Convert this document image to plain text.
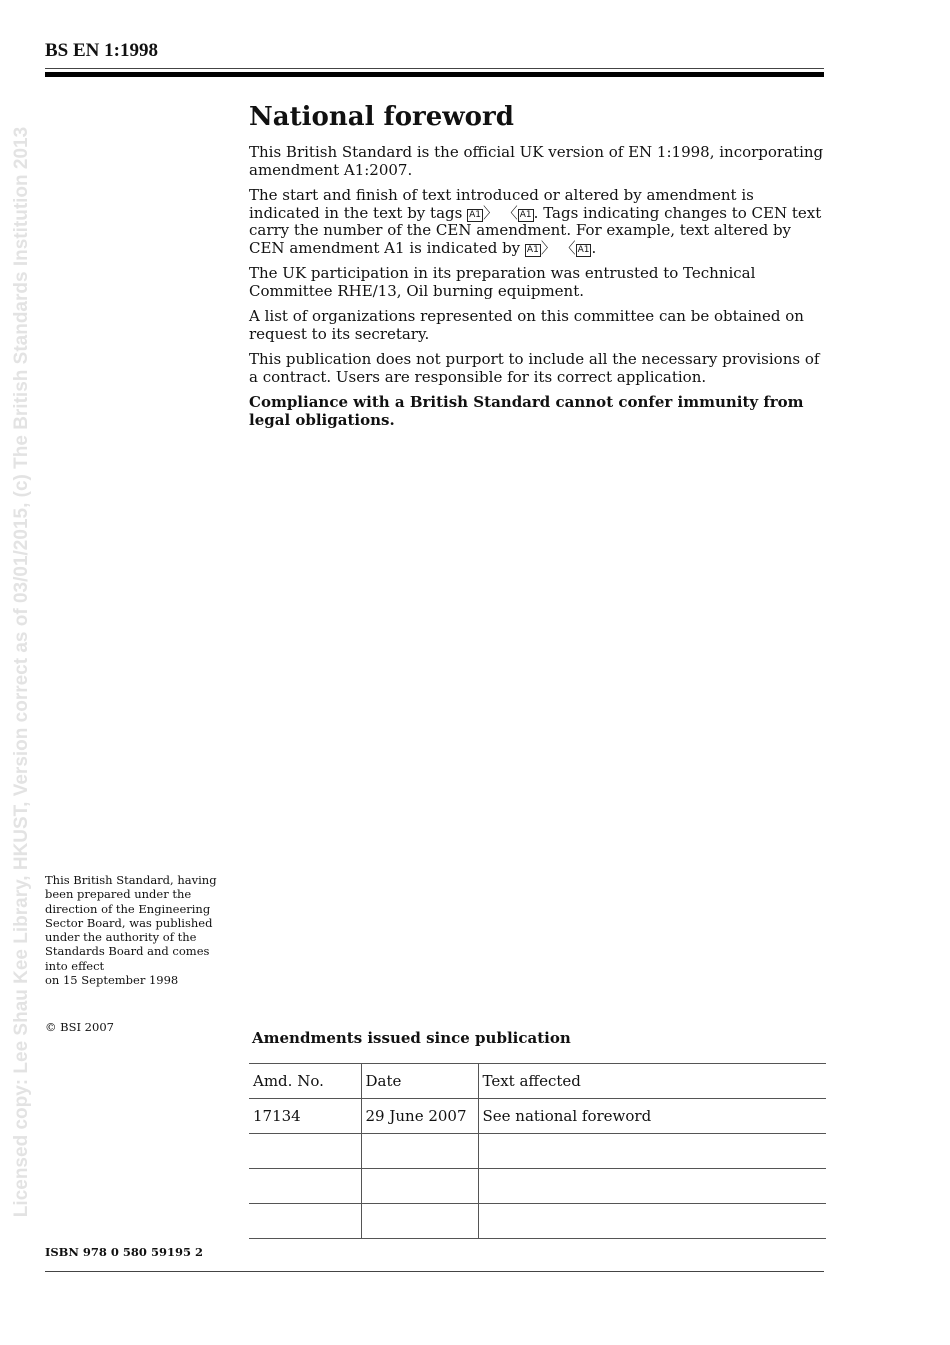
BS EN 1:1998
Licensed copy: Lee Shau Kee Library, HKUST, Version correct as of 03/01/2015, (c) The British Standards Institution 2013
National foreword

This British Standard is the official UK version of EN 1:1998, incorporating amendment A1:2007.

The start and finish of text introduced or altered by amendment is indicated in the text by tags A1 〉 〈 A1 . Tags indicating changes to CEN text carry the number of the CEN amendment. For example, text altered by CEN amendment A1 is indicated by A1 〉 〈 A1 .

The UK participation in its preparation was entrusted to Technical Committee RHE/13, Oil burning equipment.

A list of organizations represented on this committee can be obtained on request to its secretary.

This publication does not purport to include all the necessary provisions of a contract. Users are responsible for its correct application.

Compliance with a British Standard cannot confer immunity from legal obligations.

This British Standard, having
been prepared under the
direction of the Engineering
Sector Board, was published
under the authority of the
Standards Board and comes
into effect
on 15 September 1998
© BSI 2007
Amendments issued since publication
Amd. No.	Date	Text affected
17134	29 June 2007	See national foreword

ISBN 978 0 580 59195 2
